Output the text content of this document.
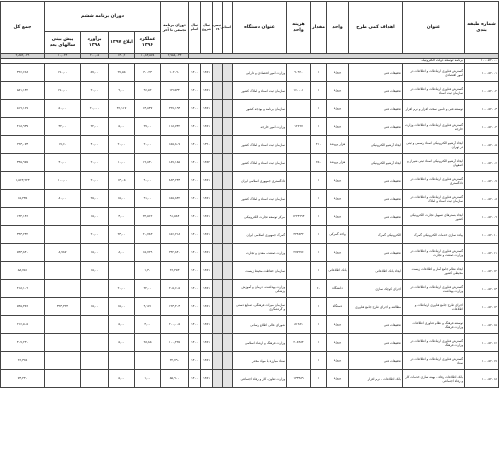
شماره طبقه بندی	عنوان	اهداف کمی طرح	واحد	مقدار	هزینه واحد	عنوان دستگاه	استانی	تبصره ۱۹	سال شروع	سال اتمام	دوران برنامه تجمعی تا آخر	دوران برنامه ششم				جمع کل
												عملکرد ۱۳۹۶	ابلاغ ۱۳۹۷	برآورد ۱۳۹۸	پیش بینی سالهای بعد	
											۲,۷۵۸,۰۳۳	۱۰,۸۳,۵۷۸	۱۳۰,۲	۲۰۰,۰۵	۱۰,۰۲۳	۲,۸۵۲,۰۲۹
۱۰۰۰۵۲۰۰۰	برنامه توسعه دولت الکترونیک															
۱۰۰۰۵۲۰۰۱	گسترش فناوری ارتباطات و اطلاعات در امور اقتصادی	تحقیقات فنی	پروژه	۱	۹۰۹۲۰	وزارت امور اقتصادی و دارایی			۱۳۸۱	۱۴۰۰	۱۰۲۰۹۰	۴۰۰۲۳	۲۷,۵۵	۵۷,۰۰	۱۷۰,۰۰	۳۹۶,۶۶۸
۱۰۰۰۵۲۰۰۲	گسترش فناوری ارتباطات و اطلاعات در سازمان ثبت اسناد	تحقیقات فنی	پروژه	۱	۱۶۰۰۰۱	سازمان ثبت اسناد و املاک کشور			۱۳۸۱	۱۴۰۰	۱۴۱۵۳۳	۹۶,۵۲	۹,۰۰	۲۰,۰۰	۱۷۰,۰۰	۵۸۱,۱۴۲
۱۰۰۰۵۲۰۰۳	توسعه فنی و تامین سخت افزار و نرم افزار	تحقیقات فنی	پروژه	۱		سازمان برنامه و بودجه کشور			۱۳۸۱	۱۴۰۰	۲۹۷,۱۹۳	۱۳,۸۳۷	۳۶,۱۱۷	۲۰,۰۰۰	۵۰,۰۰	۵۱۹,۱۶۷
۱۰۰۰۵۲۰۰۴	گسترش فناوری ارتباطات و اطلاعات وزارت خارجه	تحقیقات فنی	پروژه	۱	۱۲۶۹۷	وزارت امور خارجه			۱۳۸۱	۱۴۰۰	۱۱۸,۷۴۲	۲۷,۰۰	۵,۰۰	۲۲,۰۰	۳۲,۰۰	۴۱۸,۹۳۷
۱۰۰۰۵۲۰۰۵	ایجاد آرشیو الکترونیکی اسناد رسمی و ثبتی در تهران	ایجاد آرشیو الکترونیکی	هزار پرونده	۴۱۰		سازمان ثبت اسناد و املاک کشور			۱۳۹۰	۱۴۰۰	۱۵۵,۸۰۷	۲۰,۰۰	۲۰,۰۰	۴۰,۰۰	۱۷,۶۰	۲۹۳,۰۷۳
۱۰۰۰۵۲۰۰۶	ایجاد آرشیو الکترونیکی اسناد ثبتی شیراز و اصفهان	ایجاد آرشیو الکترونیکی	هزار پرونده	۲۵۰		سازمان ثبت اسناد و املاک کشور			۱۳۸۲	۱۴۰۰	۱۸۷,۱۸۵	۱۹,۸۳۰	۱۰,۰۰	۲۰,۰۰	۳۰,۰۰	۳۴۵,۹۷۵
۱۰۰۰۵۲۰۰۷	گسترش فناوری ارتباطات و اطلاعات در دادگستری	تحقیقات فنی	پروژه	۱		دادگستری جمهوری اسلامی ایران			۱۳۸۱	۱۴۰۰	۸۶۳,۲۴۳	۹۰,۰۰	۱۳,۰۵	۲۰,۰۰	۱۰۰,۰۰	۱,۵۶۳,۹۲۳
۱۰۰۰۵۲۰۰۸	گسترش فناوری ارتباطات و اطلاعات در سازمان ثبت اسناد و املاک	تحقیقات فنی	پروژه	۱		سازمان ثبت اسناد و املاک کشور			۱۳۸۱	۱۴۰۰	۱۵۵,۸۴۲	۹۱,۰۰	۱۵,۰۰	۲۵,۰۰	۸۰,۰۰	۱۵,۴۳۵
۱۰۰۰۵۲۰۰۹	ایجاد بسترهای تسهیل تجارت الکترونیکی کشور	تحقیقات فنی	پروژه	۱	۱۲۲۴۹۹۴	مرکز توسعه تجارت الکترونیکی			۱۳۸۱	۱۴۰۰	۹۱,۵۸۴	۲۴,۵۶۲	۳,۰۰	۱۵,۰۰		۱۳۴,۱۴۶
۱۰۰۰۵۲۰۱۰	پیاده سازی خدمات الکترونیکی گمرک	الکترونیکی گمرک	واحد گمرکی	۱	۴۴۴۸۳۲	گمرک جمهوری اسلامی ایران			۱۳۸۱	۱۴۰۰	۱۵۶,۲۱۸	۲۰,۷۸۳	۲۳,۰۰	۲۰,۰۰		۳۴۳,۲۴۲
۱۰۰۰۵۲۰۱۱	گسترش فناوری ارتباطات و اطلاعات در وزارت صنعت و تجارت	تحقیقات فنی	پروژه	۱	۲۷۷۲۷۶	وزارت صنعت، معدن و تجارت			۱۳۸۱	۱۴۰۰	۲۴۲,۸۴۰	۱۵,۷۲۹	۸,۰۰	۱۵,۰۰	۸,۷۸۷	۵۴۳,۸۴۰
۱۰۰۰۵۲۰۱۲	ایجاد نظام جامع آمار و اطلاعات زیست محیطی کشور	ایجاد بانک اطلاعاتی	بانک اطلاعاتی	۱		سازمان حفاظت محیط زیست			۱۳۸۱	۱۴۰۰	۲۶,۴۵۳	۱,۳۰		۱۵,۰۰		۵۸,۷۵۱
۱۰۰۰۵۲۰۱۳	گسترش فناوری ارتباطات و اطلاعات در وزارت بهداشت	اجرای کوچک سازی	دانشگاه	۶۰		وزارت بهداشت، درمان و آموزش پزشکی			۱۳۸۱	۱۴۰۰	۲۰۵,۶۰۵	۲۲,۰۰	۲۰,۰۰			۴۱۸,۱۰۹
۱۰۰۰۵۲۰۱۴	اجرای طرح جامع فناوری ارتباطات و اطلاعات	مطالعه و اجرای طرح جامع فناوری	دستگاه	۱		سازمان میراث فرهنگی، صنایع دستی و گردشگری			۱۳۸۱	۱۴۰۰	۱۲۳,۴۰۳	۹,۱۷۱	۱۵,۰۰	۱۵,۰۰	۳۲۳,۳۲۴	۵۴۵,۳۸۹
۱۰۰۰۵۲۰۱۵	توسعه فرهنگ و نظام فناوری اطلاعات وزارت فرهنگ	تحقیقات فنی	پروژه	۱	۸۱۲۸۱	شورای عالی اطلاع رسانی			۱۳۸۱	۱۴۰۰	۲۰۰,۰۰۵	۴,۰۰	۵,۰۰			۲۱۶,۵۰۵
۱۰۰۰۵۲۰۱۶	گسترش فناوری ارتباطات و اطلاعات در وزارت فرهنگ	تحقیقات فنی	پروژه	۱	۲۰۸۴۸۴	وزارت فرهنگ و ارشاد اسلامی			۱۳۸۱	۱۴۰۰	۱۰۰,۴۲۵	۲۸,۸۵	۵,۰۰			۳۰۷,۲۳۰
۱۰۰۰۵۲۰۱۷	گسترش فناوری ارتباطات و اطلاعات در ستاد	تحقیقات فنی	پروژه	۱		ستاد مبارزه با مواد مخدر			۱۳۸۱	۱۴۰۰	۲۲,۷۹۰					۲۶,۳۶۵
۱۰۰۰۵۲۰۱۸	بانک اطلاعات رفاه - بهینه سازی خدمات کار و رفاه اجتماعی	بانک اطلاعات - نرم افزار	پروژه	۱	۱۳۳۴۸۹	وزارت تعاون، کار و رفاه اجتماعی			۱۳۸۱	۱۴۰۰	۵۵,۹۰۰	۱,۰۰	۵,۰۰			۷۳,۴۳۰
